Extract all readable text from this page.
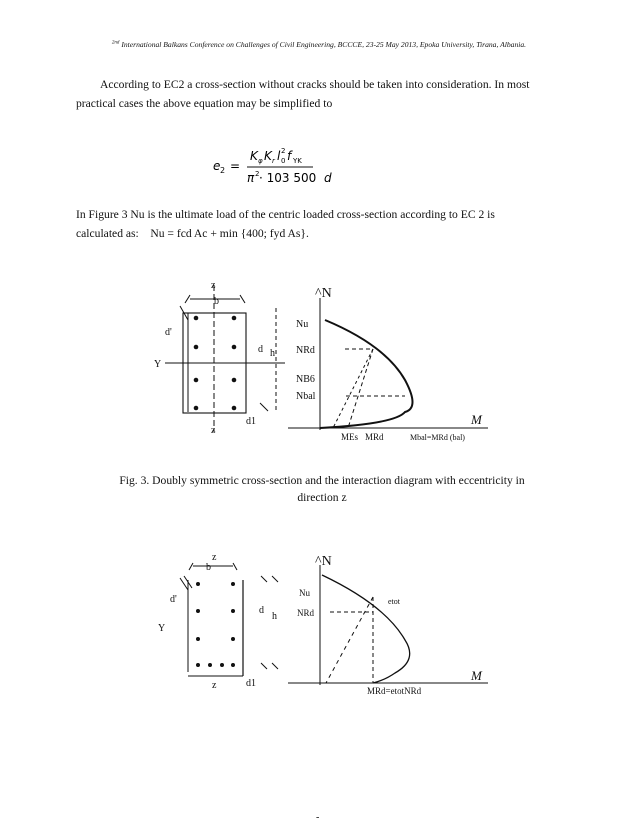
$^{2nd}$ International Balkans Conference on Challenges of Civil Engineering, BCCCE, 23-25 May 2013, Epoka University, Tirana, Albania.

According to EC2 a cross-section without cracks should be taken into consideration. In most practical cases the above equation may be simplified to

e 2 =
K φ K r l 2
0 f YK
π 2 · 103 500 d

In Figure 3 Nu is the ultimate load of the centric loaded cross-section according to EC 2 is
calculated as:    Nu = fcd Ac + min {400; fyd As}.

z
z
b
d'
Y
d h
d1
^N
M
Nu
NRd
NB6
Nbal
MEs MRd	Mbal=MRd (bal)
Fig. 3. Doubly symmetric cross-section and the interaction diagram with eccentricity in
direction z
z
z
b
d'
Y
d
h
d1
^N
M
Nu
NRd
etot
MRd=etotNRd
-
